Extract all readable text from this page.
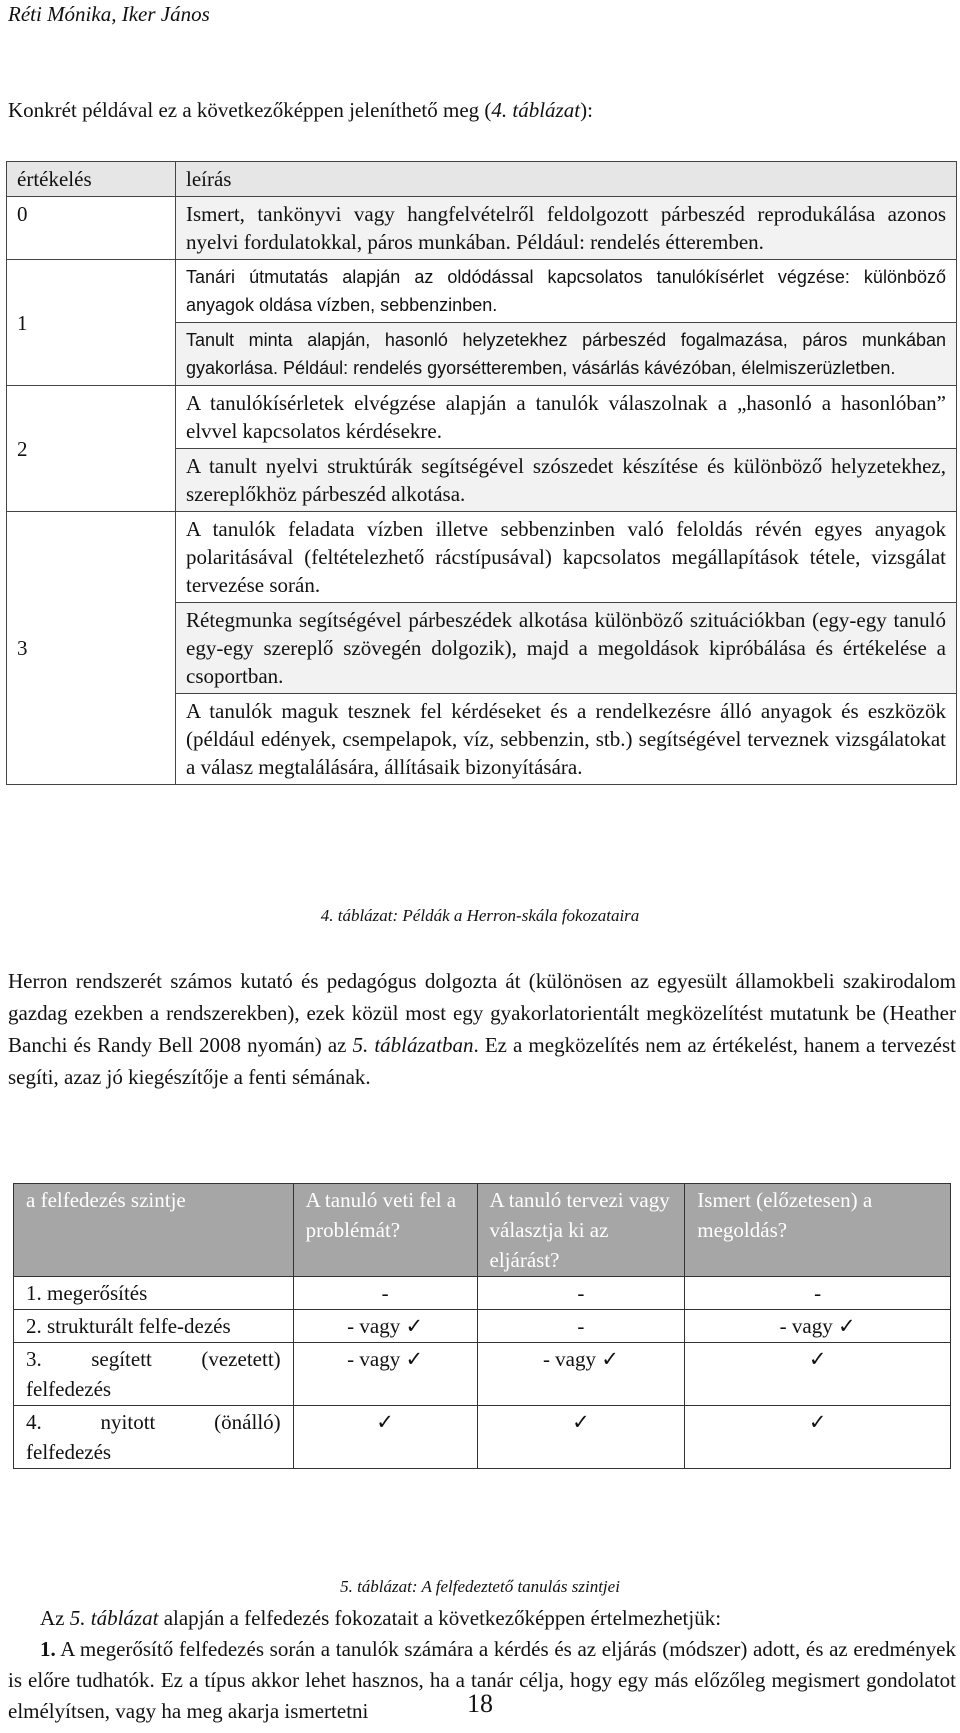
Réti Mónika, Iker János
Konkrét példával ez a következőképpen jeleníthető meg (4. táblázat):
értékelés	leírás
0	Ismert, tankönyvi vagy hangfelvételről feldolgozott párbeszéd reprodukálása azonos nyelvi fordulatokkal, páros munkában. Például: rendelés étteremben.
1	Tanári útmutatás alapján az oldódással kapcsolatos tanulókísérlet végzése: különböző anyagok oldása vízben, sebbenzinben.
	Tanult minta alapján, hasonló helyzetekhez párbeszéd fogalmazása, páros munkában gyakorlása. Például: rendelés gyorsétteremben, vásárlás kávézóban, élelmiszerüzletben.
2	A tanulókísérletek elvégzése alapján a tanulók válaszolnak a „hasonló a hasonlóban” elvvel kapcsolatos kérdésekre.
	A tanult nyelvi struktúrák segítségével szószedet készítése és különböző helyzetekhez, szereplőkhöz párbeszéd alkotása.
3	A tanulók feladata vízben illetve sebbenzinben való feloldás révén egyes anyagok polaritásával (feltételezhető rácstípusával) kapcsolatos megállapítások tétele, vizsgálat tervezése során.
	Rétegmunka segítségével párbeszédek alkotása különböző szituációkban (egy-egy tanuló egy-egy szereplő szövegén dolgozik), majd a megoldások kipróbálása és értékelése a csoportban.
	A tanulók maguk tesznek fel kérdéseket és a rendelkezésre álló anyagok és eszközök (például edények, csempelapok, víz, sebbenzin, stb.) segítségével terveznek vizsgálatokat a válasz megtalálására, állításaik bizonyítására.
4. táblázat: Példák a Herron-skála fokozataira
Herron rendszerét számos kutató és pedagógus dolgozta át (különösen az egyesült államokbeli szakirodalom gazdag ezekben a rendszerekben), ezek közül most egy gyakorlatorientált megközelítést mutatunk be (Heather Banchi és Randy Bell 2008 nyomán) az 5. táblázatban. Ez a megközelítés nem az értékelést, hanem a tervezést segíti, azaz jó kiegészítője a fenti sémának.
a felfedezés szintje	A tanuló veti fel a problémát?	A tanuló tervezi vagy választja ki az eljárást?	Ismert (előzetesen) a megoldás?
1. megerősítés	-	-	-
2. strukturált felfe-dezés	- vagy ✓	-	- vagy ✓

3. segített (vezetett)
felfedezés	- vagy ✓	- vagy ✓	✓

4. nyitott (önálló)
felfedezés	✓	✓	✓
5. táblázat: A felfedeztető tanulás szintjei
Az 5. táblázat alapján a felfedezés fokozatait a következőképpen értelmezhetjük:
1. A megerősítő felfedezés során a tanulók számára a kérdés és az eljárás (módszer) adott, és az eredmények is előre tudhatók. Ez a típus akkor lehet hasznos, ha a tanár célja, hogy egy más előzőleg megismert gondolatot elmélyítsen, vagy ha meg akarja ismertetni	18
